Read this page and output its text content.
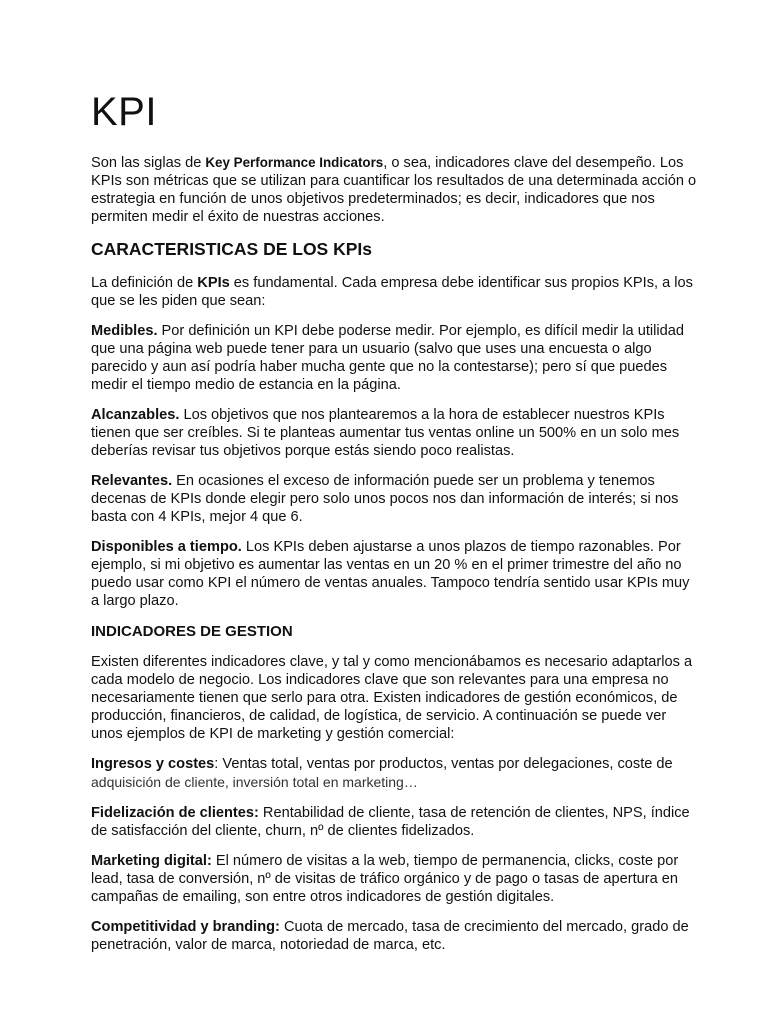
KPI

Son las siglas de Key Performance Indicators, o sea, indicadores clave del desempeño. Los KPIs son métricas que se utilizan para cuantificar los resultados de una determinada acción o estrategia en función de unos objetivos predeterminados; es decir, indicadores que nos permiten medir el éxito de nuestras acciones.

CARACTERISTICAS DE LOS KPIs

La definición de KPIs es fundamental. Cada empresa debe identificar sus propios KPIs, a los que se les piden que sean:

Medibles. Por definición un KPI debe poderse medir. Por ejemplo, es difícil medir la utilidad que una página web puede tener para un usuario (salvo que uses una encuesta o algo parecido y aun así podría haber mucha gente que no la contestarse); pero sí que puedes medir el tiempo medio de estancia en la página.

Alcanzables. Los objetivos que nos plantearemos a la hora de establecer nuestros KPIs tienen que ser creíbles. Si te planteas aumentar tus ventas online un 500% en un solo mes deberías revisar tus objetivos porque estás siendo poco realistas.

Relevantes. En ocasiones el exceso de información puede ser un problema y tenemos decenas de KPIs donde elegir pero solo unos pocos nos dan información de interés; si nos basta con 4 KPIs, mejor 4 que 6.

Disponibles a tiempo. Los KPIs deben ajustarse a unos plazos de tiempo razonables. Por ejemplo, si mi objetivo es aumentar las ventas en un 20 % en el primer trimestre del año no puedo usar como KPI el número de ventas anuales. Tampoco tendría sentido usar KPIs muy a largo plazo.

INDICADORES DE GESTION

Existen diferentes indicadores clave, y tal y como mencionábamos es necesario adaptarlos a cada modelo de negocio. Los indicadores clave que son relevantes para una empresa no necesariamente tienen que serlo para otra. Existen indicadores de gestión económicos, de producción, financieros, de calidad, de logística, de servicio. A continuación se puede ver unos ejemplos de KPI de marketing y gestión comercial:

Ingresos y costes: Ventas total, ventas por productos, ventas por delegaciones, coste de adquisición de cliente, inversión total en marketing…

Fidelización de clientes: Rentabilidad de cliente, tasa de retención de clientes, NPS, índice de satisfacción del cliente, churn, nº de clientes fidelizados.

Marketing digital: El número de visitas a la web, tiempo de permanencia, clicks, coste por lead, tasa de conversión, nº de visitas de tráfico orgánico y de pago o tasas de apertura en campañas de emailing, son entre otros indicadores de gestión digitales.

Competitividad y branding: Cuota de mercado, tasa de crecimiento del mercado, grado de penetración, valor de marca, notoriedad de marca, etc.
